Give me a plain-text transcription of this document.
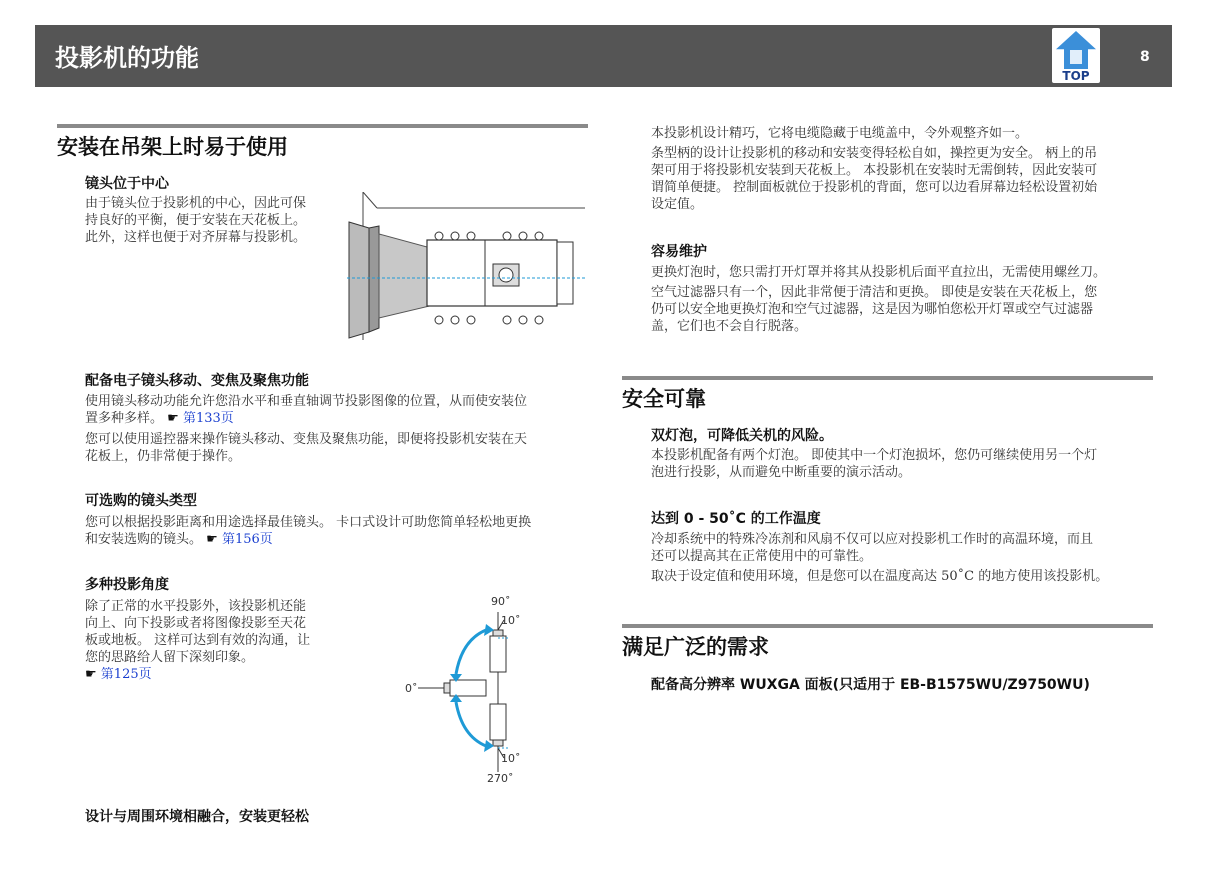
投影机的功能
TOP
8
安装在吊架上时易于使用
镜头位于中心
由于镜头位于投影机的中心，因此可保
持良好的平衡，便于安装在天花板上。
此外，这样也便于对齐屏幕与投影机。
配备电子镜头移动、变焦及聚焦功能
使用镜头移动功能允许您沿水平和垂直轴调节投影图像的位置，从而使安装位
置多种多样。 ☛ 第133页
您可以使用遥控器来操作镜头移动、变焦及聚焦功能，即便将投影机安装在天
花板上，仍非常便于操作。
可选购的镜头类型
您可以根据投影距离和用途选择最佳镜头。 卡口式设计可助您简单轻松地更换
和安装选购的镜头。 ☛ 第156页
多种投影角度
除了正常的水平投影外，该投影机还能
向上、向下投影或者将图像投影至天花
板或地板。 这样可达到有效的沟通，让
您的思路给人留下深刻印象。
☛ 第125页
90˚
10˚
0˚
10˚
270˚
设计与周围环境相融合，安装更轻松
本投影机设计精巧，它将电缆隐藏于电缆盖中，令外观整齐如一。
条型柄的设计让投影机的移动和安装变得轻松自如，操控更为安全。 柄上的吊
架可用于将投影机安装到天花板上。 本投影机在安装时无需倒转，因此安装可
谓简单便捷。 控制面板就位于投影机的背面，您可以边看屏幕边轻松设置初始
设定值。
容易维护
更换灯泡时，您只需打开灯罩并将其从投影机后面平直拉出，无需使用螺丝刀。
空气过滤器只有一个，因此非常便于清洁和更换。 即使是安装在天花板上，您
仍可以安全地更换灯泡和空气过滤器，这是因为哪怕您松开灯罩或空气过滤器
盖，它们也不会自行脱落。
安全可靠
双灯泡，可降低关机的风险。
本投影机配备有两个灯泡。 即使其中一个灯泡损坏，您仍可继续使用另一个灯
泡进行投影，从而避免中断重要的演示活动。
达到 0 - 50˚C 的工作温度
冷却系统中的特殊冷冻剂和风扇不仅可以应对投影机工作时的高温环境，而且
还可以提高其在正常使用中的可靠性。
取决于设定值和使用环境，但是您可以在温度高达 50˚C 的地方使用该投影机。
满足广泛的需求
配备高分辨率 WUXGA 面板(只适用于 EB-B1575WU/Z9750WU)
